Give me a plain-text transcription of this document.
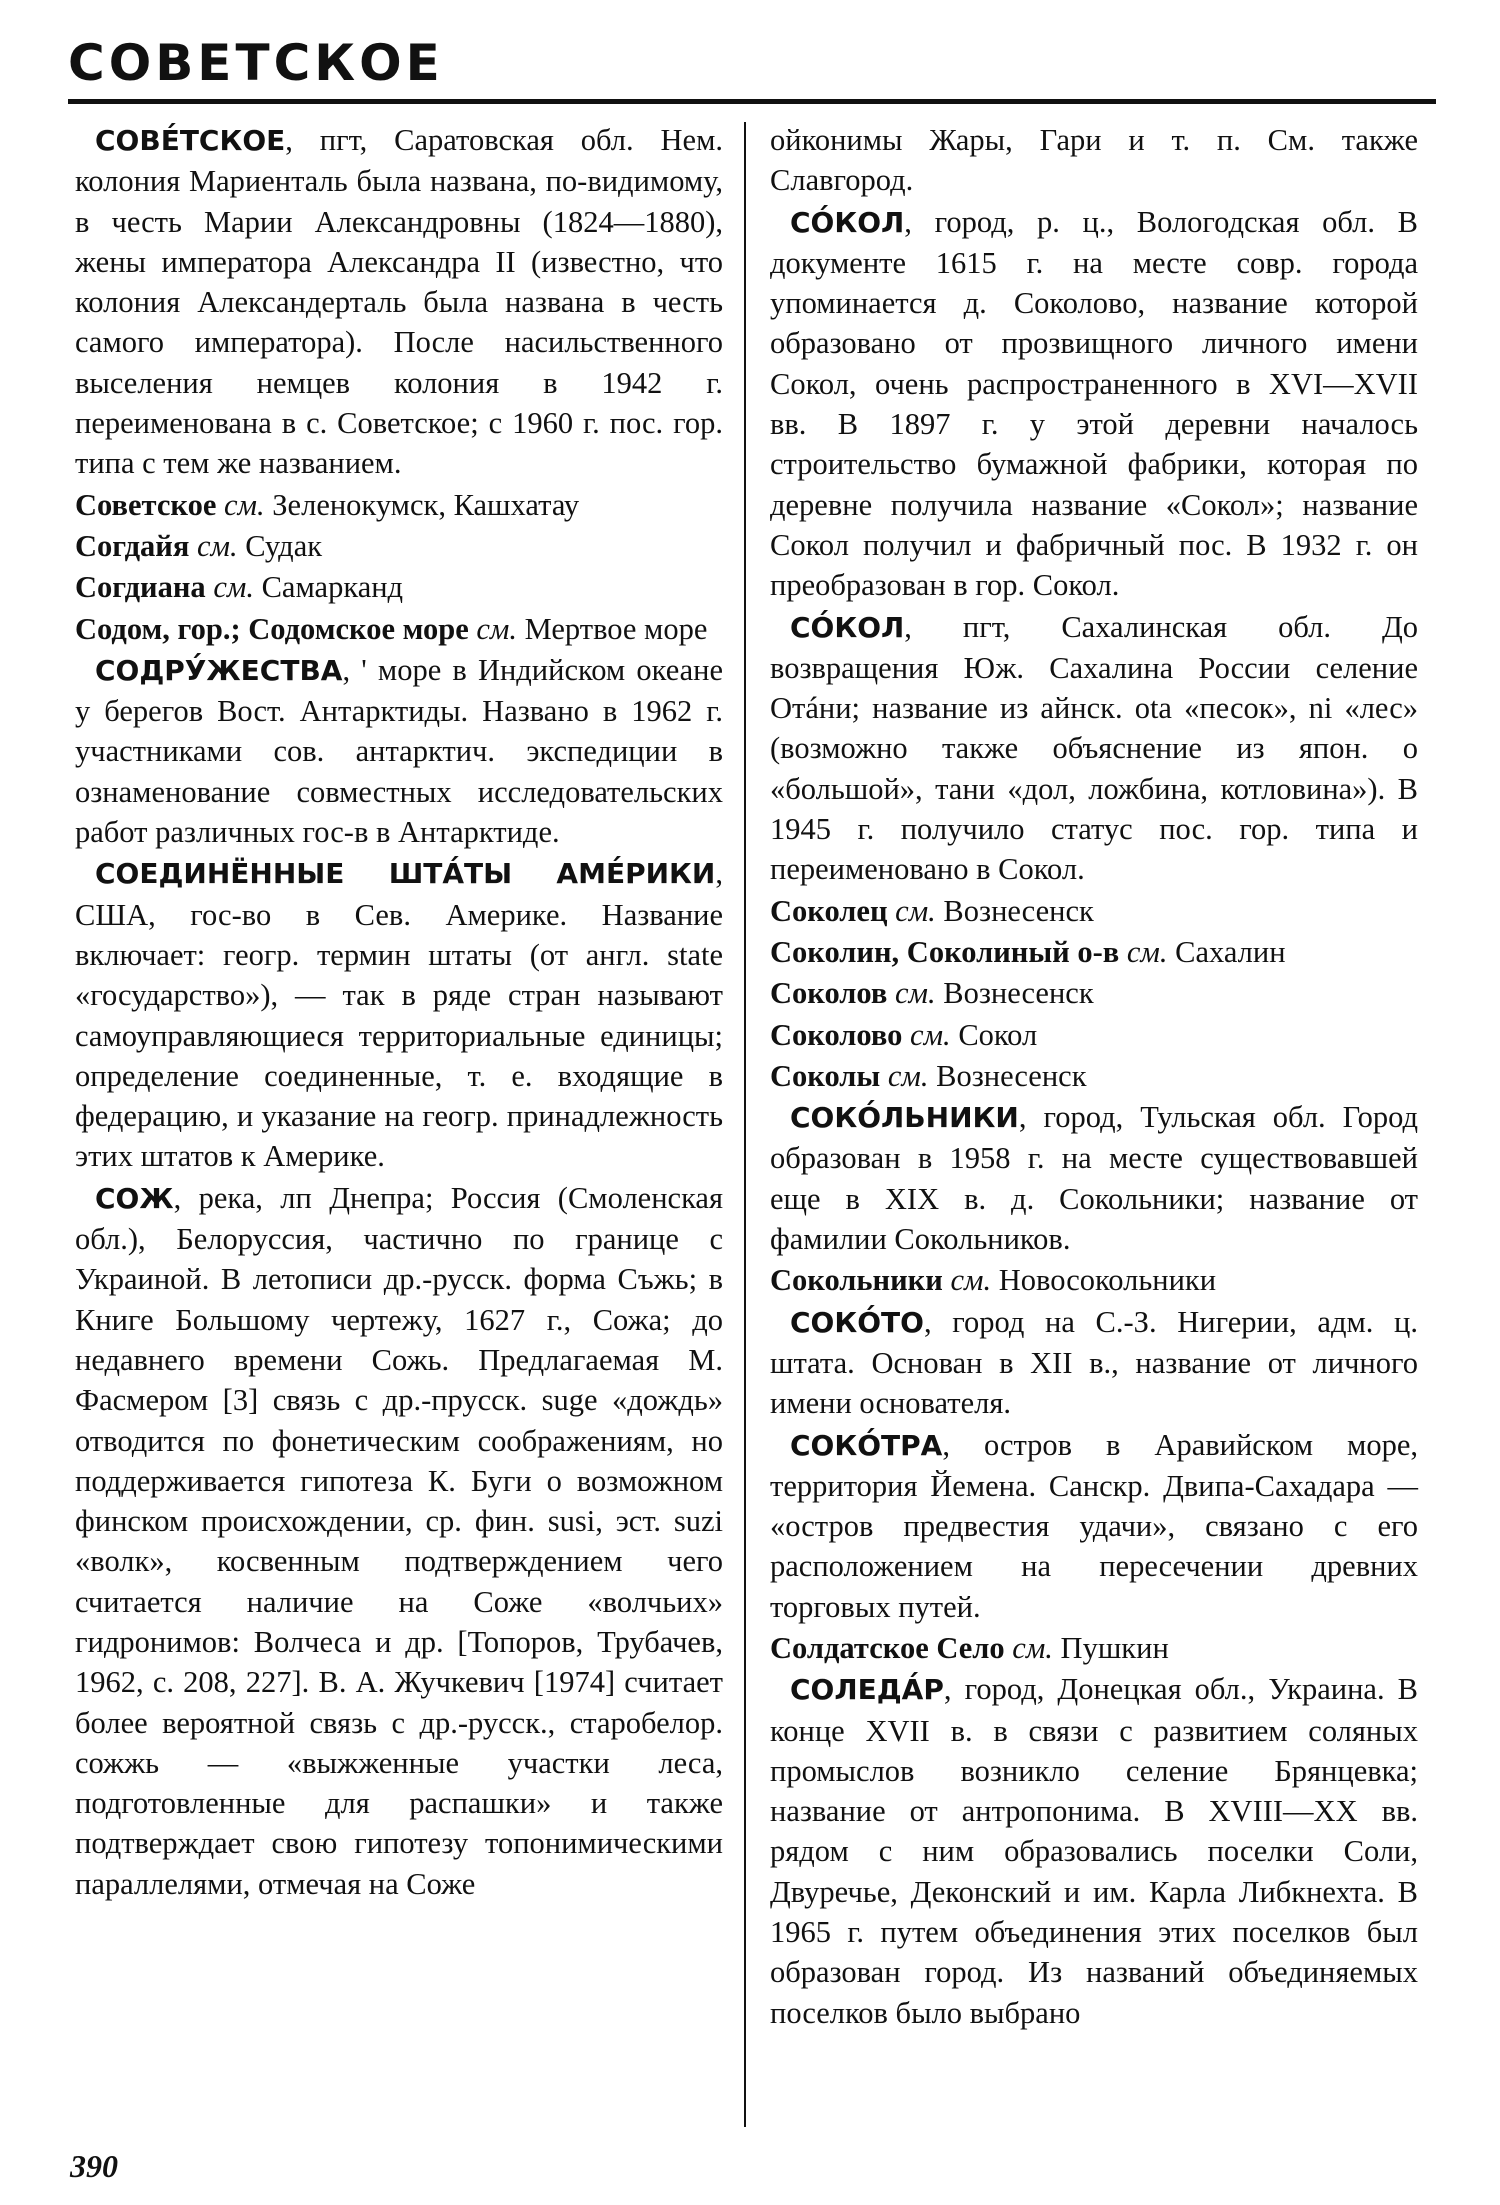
СОВЕТСКОЕ
СОВЕ́ТСКОЕ, пгт, Саратовская обл. Нем. колония Мариенталь была названа, по-видимому, в честь Марии Александровны (1824—1880), жены императора Александра II (известно, что колония Александерталь была названа в честь самого императора). После насильственного выселения немцев колония в 1942 г. переименована в с. Советское; с 1960 г. пос. гор. типа с тем же названием.
Советское см. Зеленокумск, Кашхатау
Согдайя см. Судак
Согдиана см. Самарканд
Содом, гор.; Содомское море см. Мертвое море
СОДРУ́ЖЕСТВА, ' море в Индийском океане у берегов Вост. Антарктиды. Названо в 1962 г. участниками сов. антарктич. экспедиции в ознаменование совместных исследовательских работ различных гос-в в Антарктиде.
СОЕДИНЁННЫЕ ШТА́ТЫ АМЕ́РИКИ, США, гос-во в Сев. Америке. Название включает: геогр. термин штаты (от англ. state «государство»), — так в ряде стран называют самоуправляющиеся территориальные единицы; определение соединенные, т. е. входящие в федерацию, и указание на геогр. принадлежность этих штатов к Америке.
СОЖ, река, лп Днепра; Россия (Смоленская обл.), Белоруссия, частично по границе с Украиной. В летописи др.-русск. форма Съжь; в Книге Большому чертежу, 1627 г., Сожа; до недавнего времени Сожь. Предлагаемая М. Фасмером [3] связь с др.-прусск. suge «дождь» отводится по фонетическим соображениям, но поддерживается гипотеза К. Буги о возможном финском происхождении, ср. фин. susi, эст. suzi «волк», косвенным подтверждением чего считается наличие на Соже «волчьих» гидронимов: Волчеса и др. [Топоров, Трубачев, 1962, с. 208, 227]. В. А. Жучкевич [1974] считает более вероятной связь с др.-русск., старобелор. сожжь — «выжженные участки леса, подготовленные для распашки» и также подтверждает свою гипотезу топонимическими параллелями, отмечая на Соже
ойконимы Жары, Гари и т. п. См. также Славгород.
СО́КОЛ, город, р. ц., Вологодская обл. В документе 1615 г. на месте совр. города упоминается д. Соколово, название которой образовано от прозвищного личного имени Сокол, очень распространенного в XVI—XVII вв. В 1897 г. у этой деревни началось строительство бумажной фабрики, которая по деревне получила название «Сокол»; название Сокол получил и фабричный пос. В 1932 г. он преобразован в гор. Сокол.
СО́КОЛ, пгт, Сахалинская обл. До возвращения Юж. Сахалина России селение Отáни; название из айнск. ota «песок», ni «лес» (возможно также объяснение из япон. о «большой», тани «дол, ложбина, котловина»). В 1945 г. получило статус пос. гор. типа и переименовано в Сокол.
Соколец см. Вознесенск
Соколин, Соколиный о-в см. Сахалин
Соколов см. Вознесенск
Соколово см. Сокол
Соколы см. Вознесенск
СОКО́ЛЬНИКИ, город, Тульская обл. Город образован в 1958 г. на месте существовавшей еще в XIX в. д. Сокольники; название от фамилии Сокольников.
Сокольники см. Новосокольники
СОКО́ТО, город на С.-З. Нигерии, адм. ц. штата. Основан в XII в., название от личного имени основателя.
СОКО́ТРА, остров в Аравийском море, территория Йемена. Санскр. Двипа-Сахадара — «остров предвестия удачи», связано с его расположением на пересечении древних торговых путей.
Солдатское Село см. Пушкин
СОЛЕДА́Р, город, Донецкая обл., Украина. В конце XVII в. в связи с развитием соляных промыслов возникло селение Брянцевка; название от антропонима. В XVIII—XX вв. рядом с ним образовались поселки Соли, Двуречье, Деконский и им. Карла Либкнехта. В 1965 г. путем объединения этих поселков был образован город. Из названий объединяемых поселков было выбрано
390
